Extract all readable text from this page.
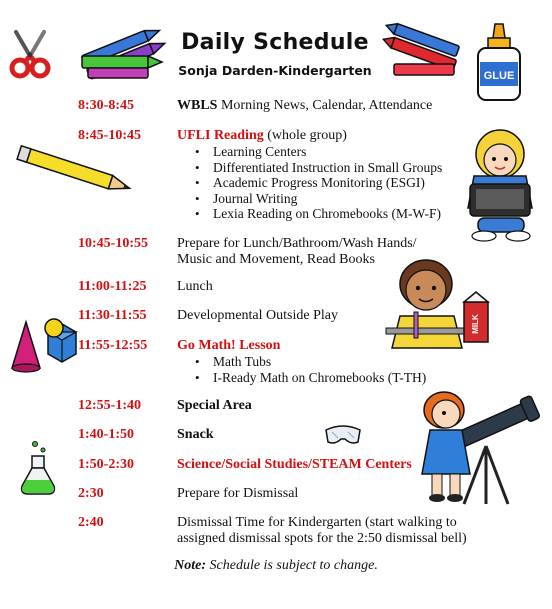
Daily Schedule
Sonja Darden-Kindergarten	GLUE
MILK
8:30-8:45	WBLS Morning News, Calendar, Attendance
8:45-10:45	UFLI Reading (whole group)
• Learning Centers
• Differentiated Instruction in Small Groups
• Academic Progress Monitoring (ESGI)
• Journal Writing
• Lexia Reading on Chromebooks (M-W-F)
10:45-10:55 Prepare for Lunch/Bathroom/Wash Hands/
Music and Movement, Read Books
11:00-11:25 Lunch
11:30-11:55 Developmental Outside Play
11:55-12:55 Go Math! Lesson
• Math Tubs
• I-Ready Math on Chromebooks (T-TH)
12:55-1:40	Special Area
1:40-1:50	Snack
1:50-2:30	Science/Social Studies/STEAM Centers
2:30	Prepare for Dismissal
2:40	Dismissal Time for Kindergarten (start walking to
assigned dismissal spots for the 2:50 dismissal bell)
Note: Schedule is subject to change.
